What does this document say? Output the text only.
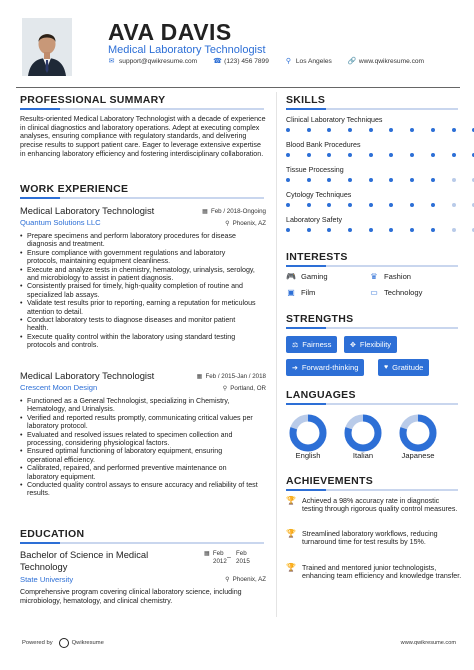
AVA DAVIS
Medical Laboratory Technologist
✉ support@qwikresume.com ☎ (123) 456 7899 ⚲ Los Angeles 🔗 www.qwikresume.com
PROFESSIONAL SUMMARY
Results-oriented Medical Laboratory Technologist with a decade of experience in clinical diagnostics and laboratory operations. Adept at executing complex analyses, ensuring compliance with regulatory standards, and delivering precise results to support patient care. Eager to leverage extensive expertise in enhancing laboratory efficiency and fostering interdisciplinary collaboration.
WORK EXPERIENCE
Medical Laboratory Technologist
Quantum Solutions LLC
▦ Feb / 2018-Ongoing
⚲ Phoenix, AZ
• Prepare specimens and perform laboratory procedures for disease diagnosis and treatment.
• Ensure compliance with government regulations and laboratory protocols, maintaining equipment cleanliness.
• Execute and analyze tests in chemistry, hematology, urinalysis, serology, and microbiology to assist in patient diagnosis.
• Consistently praised for timely, high-quality completion of routine and specialized lab assays.
• Validate test results prior to reporting, earning a reputation for meticulous attention to detail.
• Conduct laboratory tests to diagnose diseases and monitor patient health.
• Execute quality control within the laboratory using standard testing protocols and controls.
Medical Laboratory Technologist
Crescent Moon Design
▦ Feb / 2015-Jan / 2018
⚲ Portland, OR
• Functioned as a General Technologist, specializing in Chemistry, Hematology, and Urinalysis.
• Verified and reported results promptly, communicating critical values per laboratory protocol.
• Evaluated and resolved issues related to specimen collection and processing, considering physiological factors.
• Ensured optimal functioning of laboratory equipment, ensuring operational efficiency.
• Calibrated, repaired, and performed preventive maintenance on laboratory equipment.
• Conducted quality control assays to ensure accuracy and reliability of test results.
EDUCATION
Bachelor of Science in Medical
Technology
State University
▦ Feb
2012 –
Feb
2015
⚲ Phoenix, AZ
Comprehensive program covering clinical laboratory science, including microbiology, hematology, and clinical chemistry.
SKILLS
Clinical Laboratory Techniques
Blood Bank Procedures
Tissue Processing
Cytology Techniques
Laboratory Safety
INTERESTS
🎮 Gaming	♛ Fashion
▣ Film	▭ Technology
STRENGTHS
⚖ Fairness	✥ Flexibility
➔ Forward-thinking	♥ Gratitude
LANGUAGES
English	Italian	Japanese
ACHIEVEMENTS
🏆 Achieved a 98% accuracy rate in diagnostic testing through rigorous quality control measures.
🏆 Streamlined laboratory workflows, reducing turnaround time for test results by 15%.
🏆 Trained and mentored junior technologists, enhancing team efficiency and knowledge transfer.
Powered by	Qwikresume	www.qwikresume.com
